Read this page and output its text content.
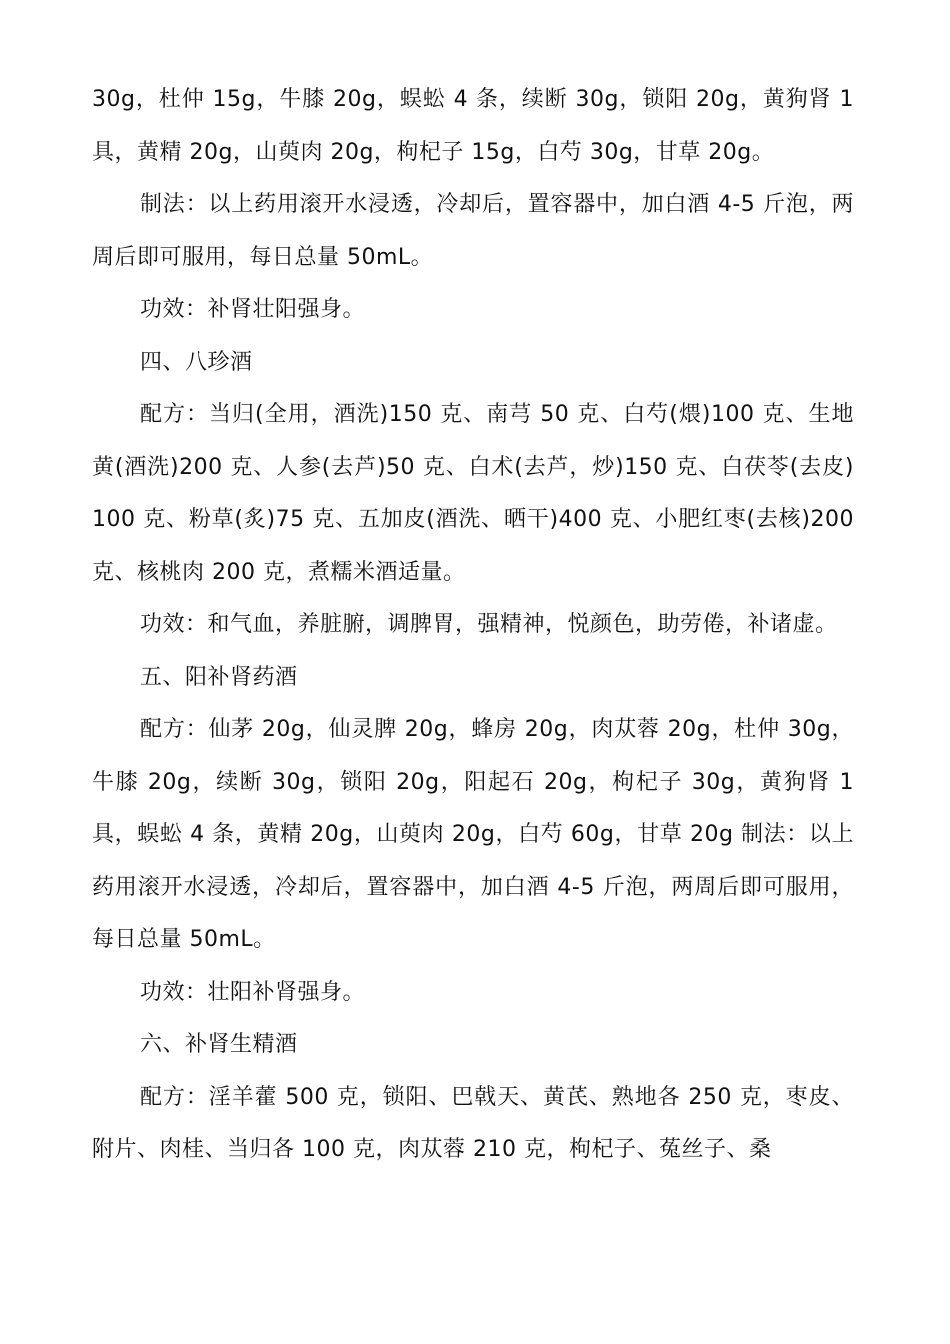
30g，杜仲 15g，牛膝 20g，蜈蚣 4 条，续断 30g，锁阳 20g，黄狗肾 1 具，黄精 20g，山萸肉 20g，枸杞子 15g，白芍 30g，甘草 20g。

制法：以上药用滚开水浸透，冷却后，置容器中，加白酒 4-5 斤泡，两周后即可服用，每日总量 50mL。

功效：补肾壮阳强身。

四、八珍酒

配方：当归(全用，酒洗)150 克、南芎 50 克、白芍(煨)100 克、生地黄(酒洗)200 克、人参(去芦)50 克、白术(去芦，炒)150 克、白茯苓(去皮)100 克、粉草(炙)75 克、五加皮(酒洗、晒干)400 克、小肥红枣(去核)200 克、核桃肉 200 克，煮糯米酒适量。

功效：和气血，养脏腑，调脾胃，强精神，悦颜色，助劳倦，补诸虚。

五、阳补肾药酒

配方：仙茅 20g，仙灵脾 20g，蜂房 20g，肉苁蓉 20g，杜仲 30g，牛膝 20g，续断 30g，锁阳 20g，阳起石 20g，枸杞子 30g，黄狗肾 1 具，蜈蚣 4 条，黄精 20g，山萸肉 20g，白芍 60g，甘草 20g 制法：以上药用滚开水浸透，冷却后，置容器中，加白酒 4-5 斤泡，两周后即可服用，每日总量 50mL。

功效：壮阳补肾强身。

六、补肾生精酒

配方：淫羊藿 500 克，锁阳、巴戟天、黄芪、熟地各 250 克，枣皮、附片、肉桂、当归各 100 克，肉苁蓉 210 克，枸杞子、菟丝子、桑
